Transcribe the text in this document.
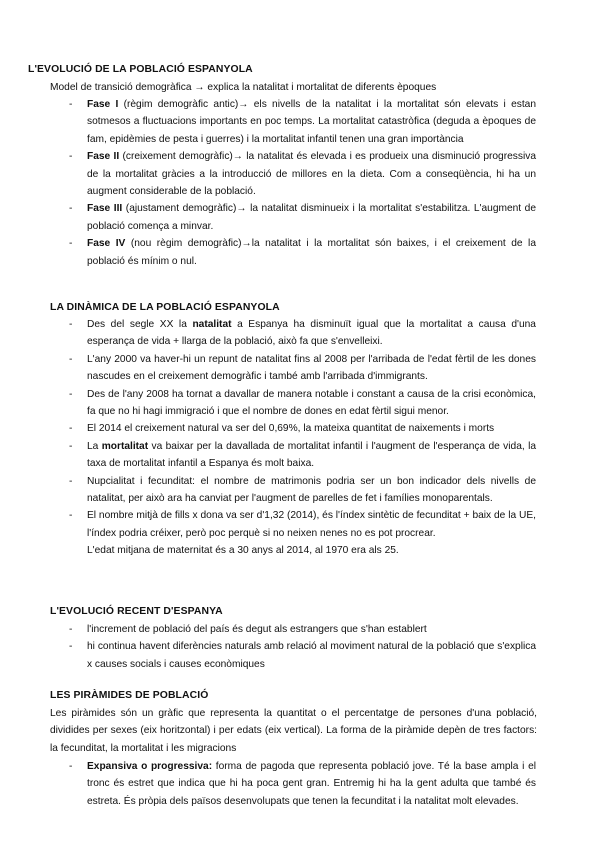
L'EVOLUCIÓ DE LA POBLACIÓ ESPANYOLA

Model de transició demogràfica → explica la natalitat i mortalitat de diferents èpoques

- Fase I (règim demogràfic antic)→ els nivells de la natalitat i la mortalitat són elevats i estan sotmesos a fluctuacions importants en poc temps. La mortalitat catastròfica (deguda a èpoques de fam, epidèmies de pesta i guerres) i la mortalitat infantil tenen una gran importància
- Fase II (creixement demogràfic)→ la natalitat és elevada i es produeix una disminució progressiva de la mortalitat gràcies a la introducció de millores en la dieta. Com a conseqüència, hi ha un augment considerable de la població.
- Fase III (ajustament demogràfic)→ la natalitat disminueix i la mortalitat s'estabilitza. L'augment de població comença a minvar.
- Fase IV (nou règim demogràfic)→la natalitat i la mortalitat són baixes, i el creixement de la població és mínim o nul.
LA DINÀMICA DE LA POBLACIÓ ESPANYOLA
- Des del segle XX la natalitat a Espanya ha disminuït igual que la mortalitat a causa d'una esperança de vida + llarga de la població, això fa que s'envelleixi.
- L'any 2000 va haver-hi un repunt de natalitat fins al 2008 per l'arribada de l'edat fèrtil de les dones nascudes en el creixement demogràfic i també amb l'arribada d'immigrants.
- Des de l'any 2008 ha tornat a davallar de manera notable i constant a causa de la crisi econòmica, fa que no hi hagi immigració i que el nombre de dones en edat fèrtil sigui menor.
- El 2014 el creixement natural va ser del 0,69%, la mateixa quantitat de naixements i morts
- La mortalitat va baixar per la davallada de mortalitat infantil i l'augment de l'esperança de vida, la taxa de mortalitat infantil a Espanya és molt baixa.
- Nupcialitat i fecunditat: el nombre de matrimonis podria ser un bon indicador dels nivells de natalitat, per això ara ha canviat per l'augment de parelles de fet i famílies monoparentals.
- El nombre mitjà de fills x dona va ser d'1,32 (2014), és l'índex sintètic de fecunditat + baix de la UE, l'índex podria créixer, però poc perquè si no neixen nenes no es pot procrear.
L'edat mitjana de maternitat és a 30 anys al 2014, al 1970 era als 25.
L'EVOLUCIÓ RECENT D'ESPANYA
- l'increment de població del país és degut als estrangers que s'han establert
- hi continua havent diferències naturals amb relació al moviment natural de la població que s'explica x causes socials i causes econòmiques
LES PIRÀMIDES DE POBLACIÓ

Les piràmides són un gràfic que representa la quantitat o el percentatge de persones d'una població, dividides per sexes (eix horitzontal) i per edats (eix vertical). La forma de la piràmide depèn de tres factors: la fecunditat, la mortalitat i les migracions

- Expansiva o progressiva: forma de pagoda que representa població jove. Té la base ampla i el tronc és estret que indica que hi ha poca gent gran. Entremig hi ha la gent adulta que també és estreta. És pròpia dels països desenvolupats que tenen la fecunditat i la natalitat molt elevades.
